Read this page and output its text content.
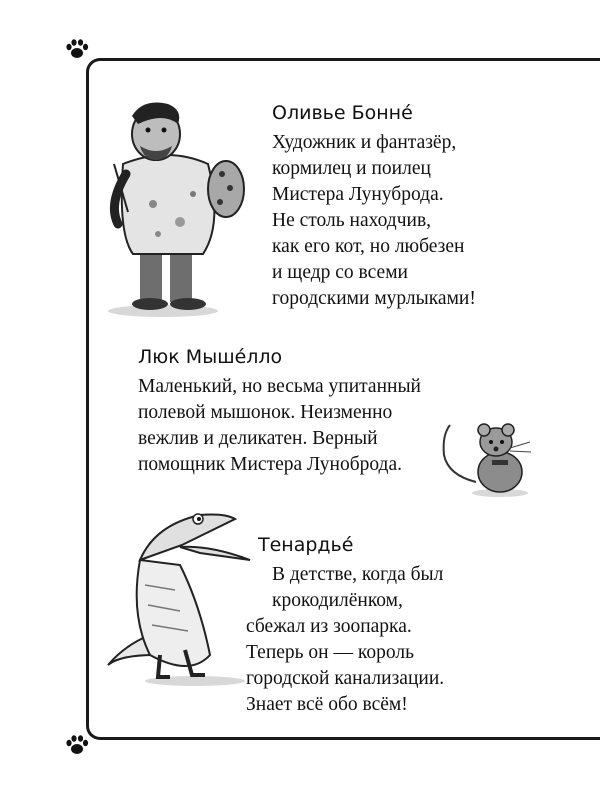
Оливье Бонне́
Художник и фантазёр,
кормилец и поилец
Мистера Лунуброда.
Не столь находчив,
как его кот, но любезен
и щедр со всеми
городскими мурлыками!
Люк Мыше́лло
Маленький, но весьма упитанный
полевой мышонок. Неизменно
вежлив и деликатен. Верный
помощник Мистера Луноброда.
Тенардье́
В детстве, когда был
крокодилёнком,
сбежал из зоопарка.
Теперь он — король
городской канализации.
Знает всё обо всём!
